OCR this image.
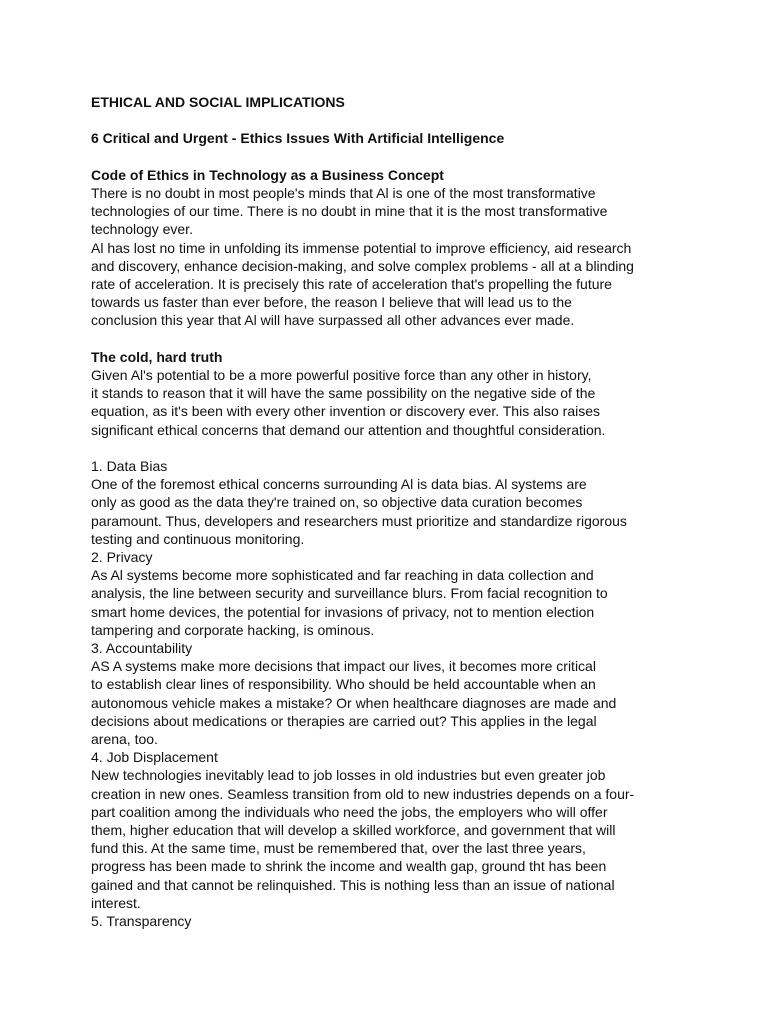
ETHICAL AND SOCIAL IMPLICATIONS
6 Critical and Urgent - Ethics Issues With Artificial Intelligence
Code of Ethics in Technology as a Business Concept
There is no doubt in most people's minds that Al is one of the most transformative
technologies of our time. There is no doubt in mine that it is the most transformative
technology ever.
Al has lost no time in unfolding its immense potential to improve efficiency, aid research
and discovery, enhance decision-making, and solve complex problems - all at a blinding
rate of acceleration. It is precisely this rate of acceleration that's propelling the future
towards us faster than ever before, the reason I believe that will lead us to the
conclusion this year that Al will have surpassed all other advances ever made.
The cold, hard truth
Given Al's potential to be a more powerful positive force than any other in history,
it stands to reason that it will have the same possibility on the negative side of the
equation, as it's been with every other invention or discovery ever. This also raises
significant ethical concerns that demand our attention and thoughtful consideration.
1. Data Bias
One of the foremost ethical concerns surrounding Al is data bias. Al systems are
only as good as the data they're trained on, so objective data curation becomes
paramount. Thus, developers and researchers must prioritize and standardize rigorous
testing and continuous monitoring.
2. Privacy
As Al systems become more sophisticated and far reaching in data collection and
analysis, the line between security and surveillance blurs. From facial recognition to
smart home devices, the potential for invasions of privacy, not to mention election
tampering and corporate hacking, is ominous.
3. Accountability
AS A systems make more decisions that impact our lives, it becomes more critical
to establish clear lines of responsibility. Who should be held accountable when an
autonomous vehicle makes a mistake? Or when healthcare diagnoses are made and
decisions about medications or therapies are carried out? This applies in the legal
arena, too.
4. Job Displacement
New technologies inevitably lead to job losses in old industries but even greater job
creation in new ones. Seamless transition from old to new industries depends on a four-
part coalition among the individuals who need the jobs, the employers who will offer
them, higher education that will develop a skilled workforce, and government that will
fund this. At the same time, must be remembered that, over the last three years,
progress has been made to shrink the income and wealth gap, ground tht has been
gained and that cannot be relinquished. This is nothing less than an issue of national
interest.
5. Transparency
